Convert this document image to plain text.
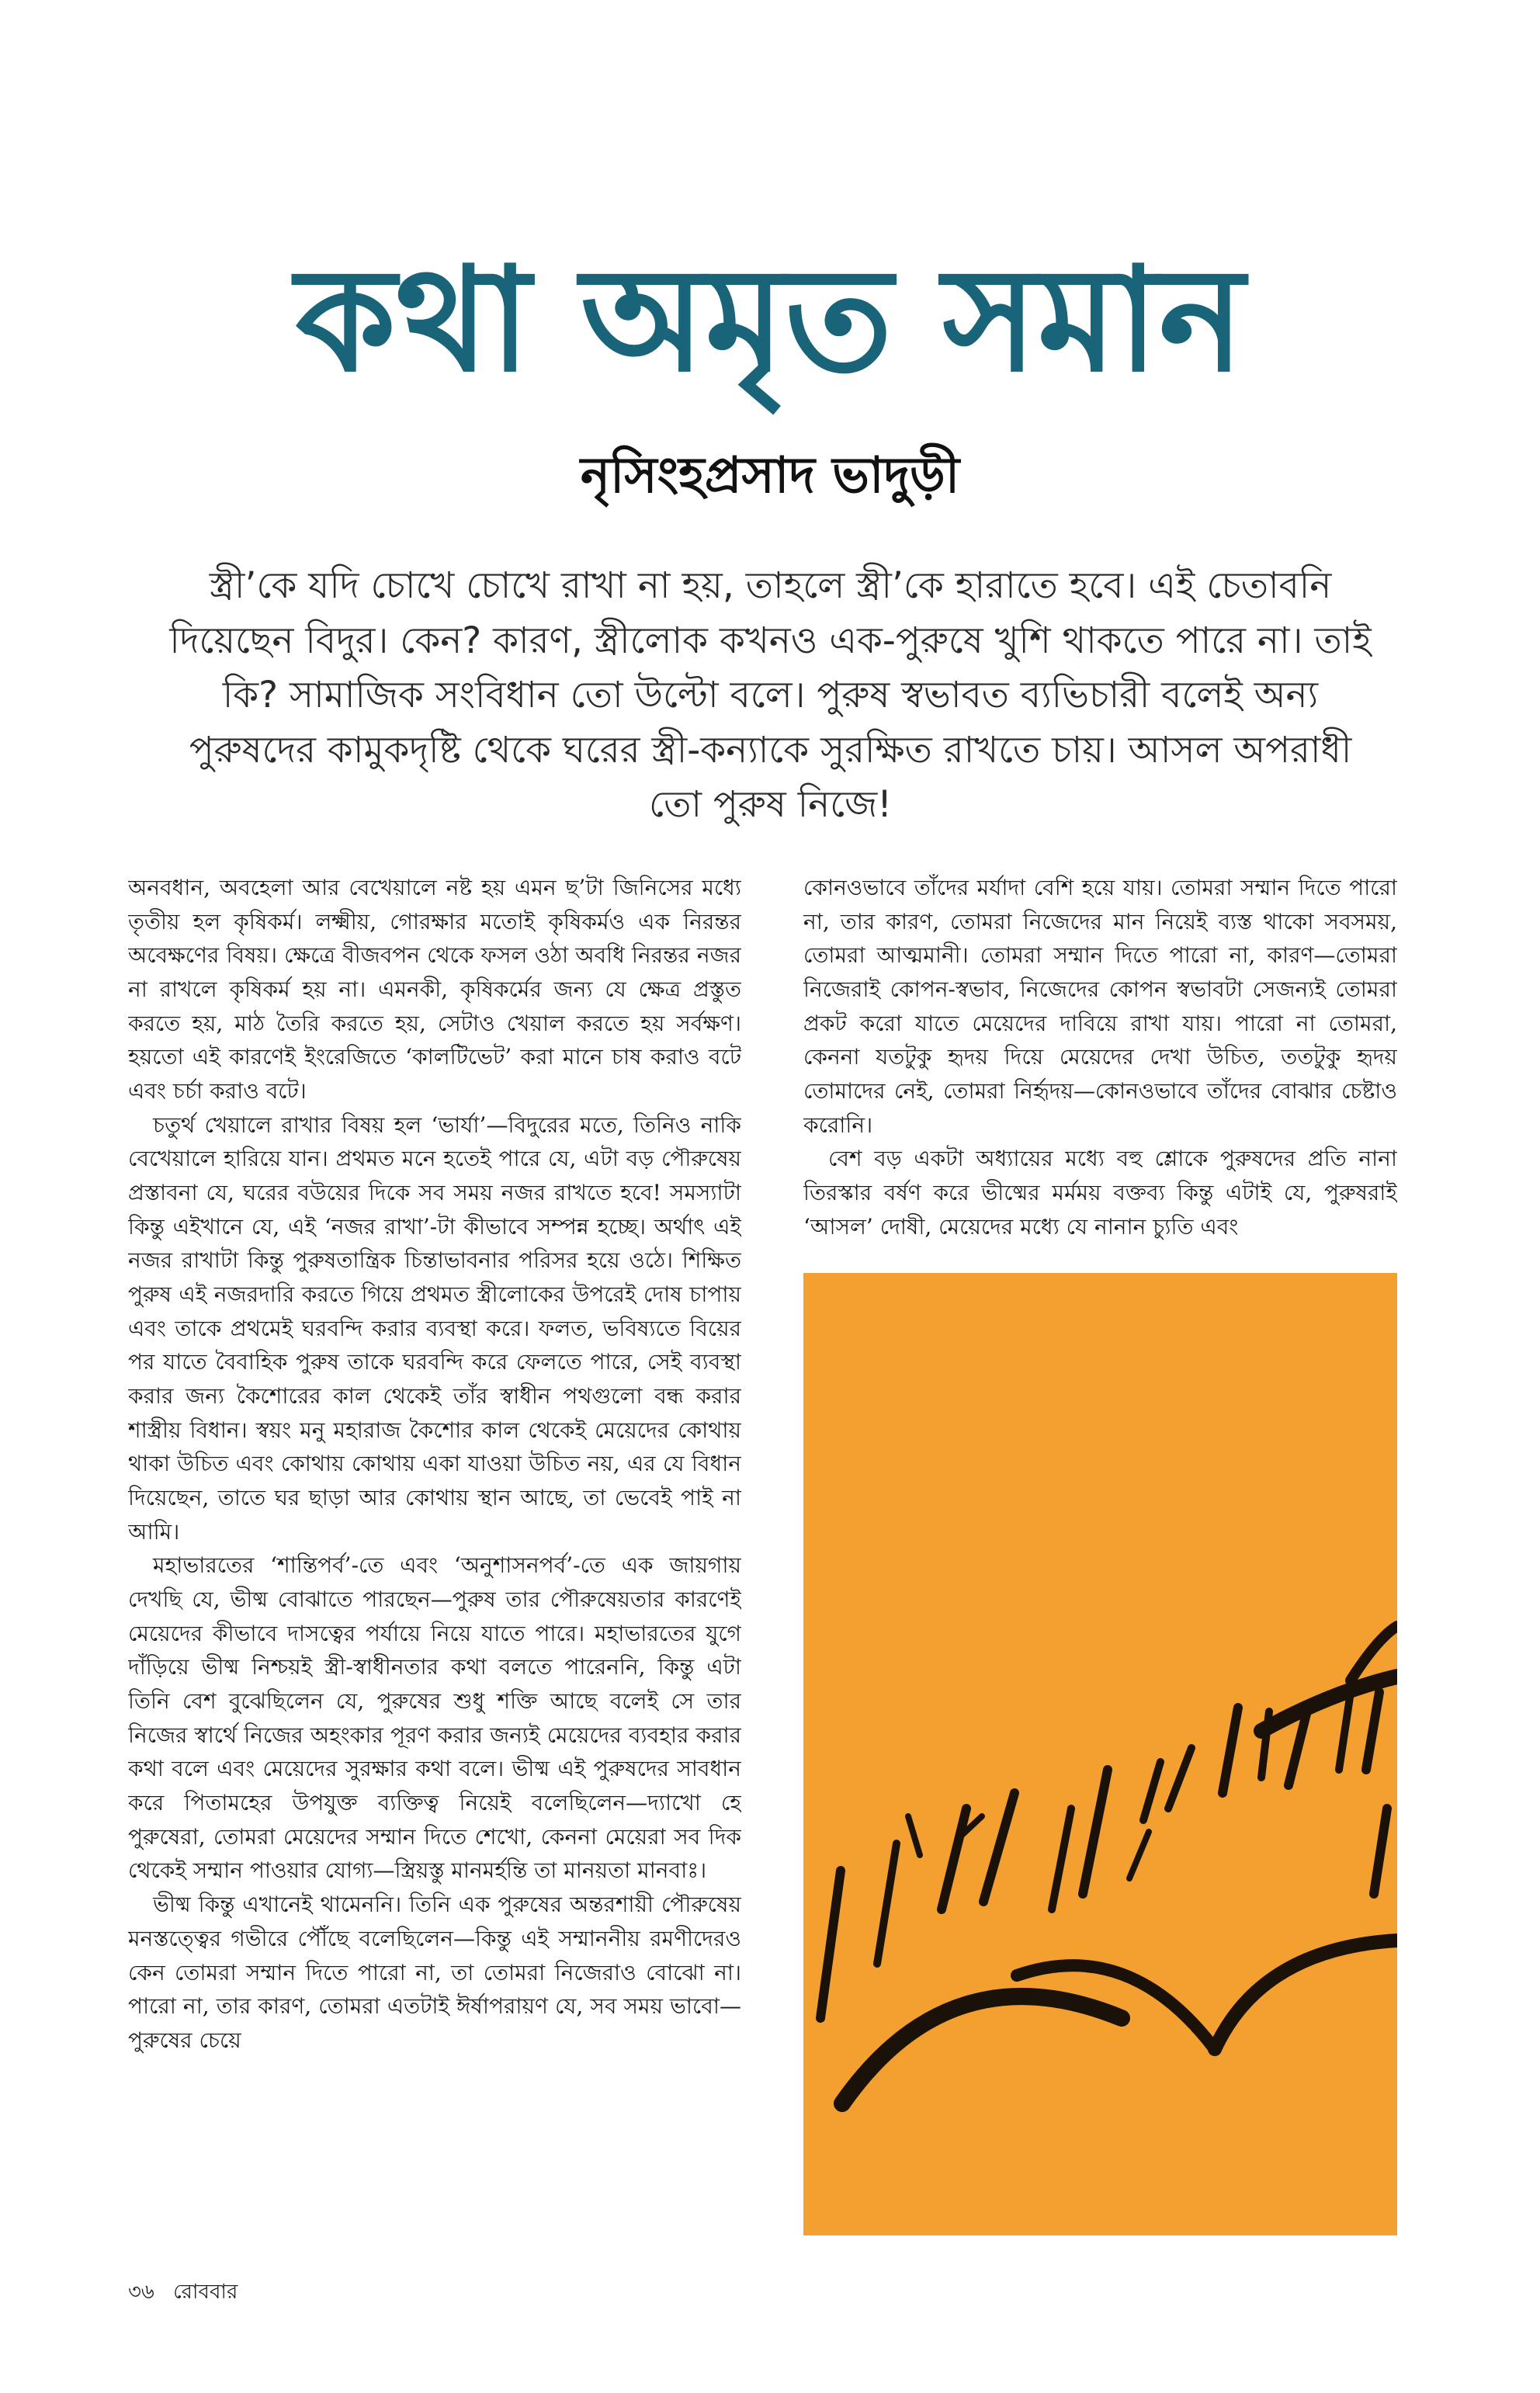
কথা অমৃত সমান
নৃসিংহপ্রসাদ ভাদুড়ী

স্ত্রী’কে যদি চোখে চোখে রাখা না হয়, তাহলে স্ত্রী’কে হারাতে হবে। এই চেতাবনি দিয়েছেন বিদুর। কেন? কারণ, স্ত্রীলোক কখনও এক-পুরুষে খুশি থাকতে পারে না। তাই কি? সামাজিক সংবিধান তো উল্টো বলে। পুরুষ স্বভাবত ব্যভিচারী বলেই অন্য পুরুষদের কামুকদৃষ্টি থেকে ঘরের স্ত্রী-কন্যাকে সুরক্ষিত রাখতে চায়। আসল অপরাধী তো পুরুষ নিজে!

অনবধান, অবহেলা আর বেখেয়ালে নষ্ট হয় এমন ছ’টা জিনিসের মধ্যে তৃতীয় হল কৃষিকর্ম। লক্ষ্মীয়, গোরক্ষার মতোই কৃষিকর্মও এক নিরন্তর অবেক্ষণের বিষয়। ক্ষেত্রে বীজবপন থেকে ফসল ওঠা অবধি নিরন্তর নজর না রাখলে কৃষিকর্ম হয় না। এমনকী, কৃষিকর্মের জন্য যে ক্ষেত্র প্রস্তুত করতে হয়, মাঠ তৈরি করতে হয়, সেটাও খেয়াল করতে হয় সর্বক্ষণ। হয়তো এই কারণেই ইংরেজিতে ‘কালটিভেট’ করা মানে চাষ করাও বটে এবং চর্চা করাও বটে।

চতুর্থ খেয়ালে রাখার বিষয় হল ‘ভার্যা’—বিদুরের মতে, তিনিও নাকি বেখেয়ালে হারিয়ে যান। প্রথমত মনে হতেই পারে যে, এটা বড় পৌরুষেয় প্রস্তাবনা যে, ঘরের বউয়ের দিকে সব সময় নজর রাখতে হবে! সমস্যাটা কিন্তু এইখানে যে, এই ‘নজর রাখা’-টা কীভাবে সম্পন্ন হচ্ছে। অর্থাৎ এই নজর রাখাটা কিন্তু পুরুষতান্ত্রিক চিন্তাভাবনার পরিসর হয়ে ওঠে। শিক্ষিত পুরুষ এই নজরদারি করতে গিয়ে প্রথমত স্ত্রীলোকের উপরেই দোষ চাপায় এবং তাকে প্রথমেই ঘরবন্দি করার ব্যবস্থা করে। ফলত, ভবিষ্যতে বিয়ের পর যাতে বৈবাহিক পুরুষ তাকে ঘরবন্দি করে ফেলতে পারে, সেই ব্যবস্থা করার জন্য কৈশোরের কাল থেকেই তাঁর স্বাধীন পথগুলো বন্ধ করার শাস্ত্রীয় বিধান। স্বয়ং মনু মহারাজ কৈশোর কাল থেকেই মেয়েদের কোথায় থাকা উচিত এবং কোথায় কোথায় একা যাওয়া উচিত নয়, এর যে বিধান দিয়েছেন, তাতে ঘর ছাড়া আর কোথায় স্থান আছে, তা ভেবেই পাই না আমি।

মহাভারতের ‘শান্তিপর্ব’-তে এবং ‘অনুশাসনপর্ব’-তে এক জায়গায় দেখছি যে, ভীষ্ম বোঝাতে পারছেন—পুরুষ তার পৌরুষেয়তার কারণেই মেয়েদের কীভাবে দাসত্বের পর্যায়ে নিয়ে যাতে পারে। মহাভারতের যুগে দাঁড়িয়ে ভীষ্ম নিশ্চয়ই স্ত্রী-স্বাধীনতার কথা বলতে পারেননি, কিন্তু এটা তিনি বেশ বুঝেছিলেন যে, পুরুষের শুধু শক্তি আছে বলেই সে তার নিজের স্বার্থে নিজের অহংকার পূরণ করার জন্যই মেয়েদের ব্যবহার করার কথা বলে এবং মেয়েদের সুরক্ষার কথা বলে। ভীষ্ম এই পুরুষদের সাবধান করে পিতামহের উপযুক্ত ব্যক্তিত্ব নিয়েই বলেছিলেন—দ্যাখো হে পুরুষেরা, তোমরা মেয়েদের সম্মান দিতে শেখো, কেননা মেয়েরা সব দিক থেকেই সম্মান পাওয়ার যোগ্য—স্ত্রিয়স্তু মানমর্হন্তি তা মানয়তা মানবাঃ।

ভীষ্ম কিন্তু এখানেই থামেননি। তিনি এক পুরুষের অন্তরশায়ী পৌরুষেয় মনস্তত্ত্বের গভীরে পৌঁছে বলেছিলেন—কিন্তু এই সম্মাননীয় রমণীদেরও কেন তোমরা সম্মান দিতে পারো না, তা তোমরা নিজেরাও বোঝো না। পারো না, তার কারণ, তোমরা এতটাই ঈর্ষাপরায়ণ যে, সব সময় ভাবো—পুরুষের চেয়ে

কোনওভাবে তাঁদের মর্যাদা বেশি হয়ে যায়। তোমরা সম্মান দিতে পারো না, তার কারণ, তোমরা নিজেদের মান নিয়েই ব্যস্ত থাকো সবসময়, তোমরা আত্মমানী। তোমরা সম্মান দিতে পারো না, কারণ—তোমরা নিজেরাই কোপন-স্বভাব, নিজেদের কোপন স্বভাবটা সেজন্যই তোমরা প্রকট করো যাতে মেয়েদের দাবিয়ে রাখা যায়। পারো না তোমরা, কেননা যতটুকু হৃদয় দিয়ে মেয়েদের দেখা উচিত, ততটুকু হৃদয় তোমাদের নেই, তোমরা নির্হৃদয়—কোনওভাবে তাঁদের বোঝার চেষ্টাও করোনি।

বেশ বড় একটা অধ্যায়ের মধ্যে বহু শ্লোকে পুরুষদের প্রতি নানা তিরস্কার বর্ষণ করে ভীষ্মের মর্মময় বক্তব্য কিন্তু এটাই যে, পুরুষরাই ‘আসল’ দোষী, মেয়েদের মধ্যে যে নানান চ্যুতি এবং

৩৬ রোববার
